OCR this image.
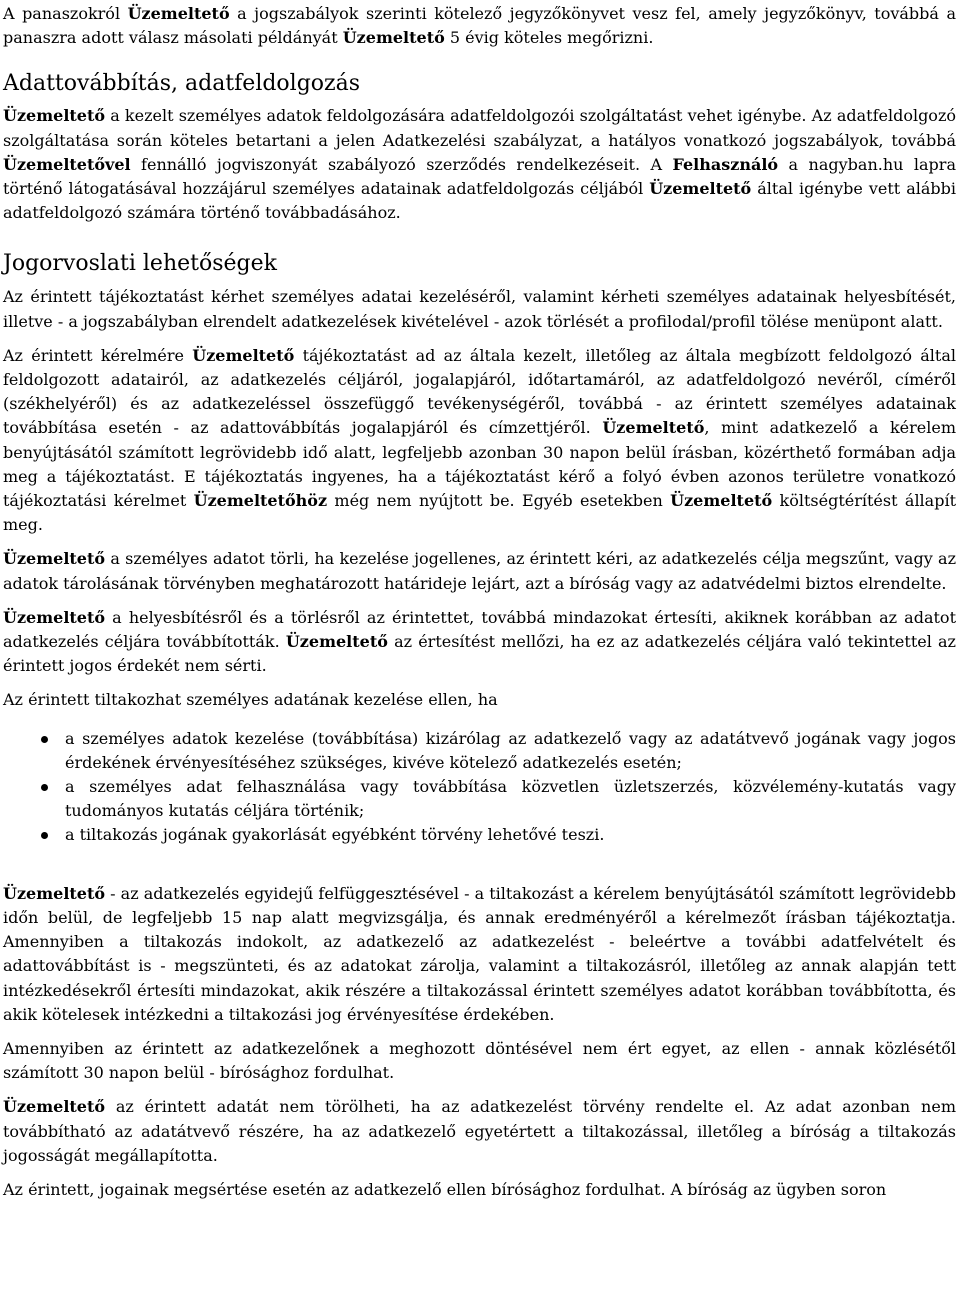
A panaszokról Üzemeltető a jogszabályok szerinti kötelező jegyzőkönyvet vesz fel, amely jegyzőkönyv, továbbá a panaszra adott válasz másolati példányát Üzemeltető 5 évig köteles megőrizni.

Adattovábbítás, adatfeldolgozás

Üzemeltető a kezelt személyes adatok feldolgozására adatfeldolgozói szolgáltatást vehet igénybe. Az adatfeldolgozó szolgáltatása során köteles betartani a jelen Adatkezelési szabályzat, a hatályos vonatkozó jogszabályok, továbbá Üzemeltetővel fennálló jogviszonyát szabályozó szerződés rendelkezéseit. A Felhasználó a nagyban.hu lapra történő látogatásával hozzájárul személyes adatainak adatfeldolgozás céljából Üzemeltető által igénybe vett alábbi adatfeldolgozó számára történő továbbadásához.

Jogorvoslati lehetőségek

Az érintett tájékoztatást kérhet személyes adatai kezeléséről, valamint kérheti személyes adatainak helyesbítését, illetve - a jogszabályban elrendelt adatkezelések kivételével - azok törlését a profilodal/profil tölése menüpont alatt.

Az érintett kérelmére Üzemeltető tájékoztatást ad az általa kezelt, illetőleg az általa megbízott feldolgozó által feldolgozott adatairól, az adatkezelés céljáról, jogalapjáról, időtartamáról, az adatfeldolgozó nevéről, címéről (székhelyéről) és az adatkezeléssel összefüggő tevékenységéről, továbbá - az érintett személyes adatainak továbbítása esetén - az adattovábbítás jogalapjáról és címzettjéről. Üzemeltető, mint adatkezelő a kérelem benyújtásától számított legrövidebb idő alatt, legfeljebb azonban 30 napon belül írásban, közérthető formában adja meg a tájékoztatást. E tájékoztatás ingyenes, ha a tájékoztatást kérő a folyó évben azonos területre vonatkozó tájékoztatási kérelmet Üzemeltetőhöz még nem nyújtott be. Egyéb esetekben Üzemeltető költségtérítést állapít meg.

Üzemeltető a személyes adatot törli, ha kezelése jogellenes, az érintett kéri, az adatkezelés célja megszűnt, vagy az adatok tárolásának törvényben meghatározott határideje lejárt, azt a bíróság vagy az adatvédelmi biztos elrendelte.

Üzemeltető a helyesbítésről és a törlésről az érintettet, továbbá mindazokat értesíti, akiknek korábban az adatot adatkezelés céljára továbbították. Üzemeltető az értesítést mellőzi, ha ez az adatkezelés céljára való tekintettel az érintett jogos érdekét nem sérti.

Az érintett tiltakozhat személyes adatának kezelése ellen, ha

a személyes adatok kezelése (továbbítása) kizárólag az adatkezelő vagy az adatátvevő jogának vagy jogos érdekének érvényesítéséhez szükséges, kivéve kötelező adatkezelés esetén;
a személyes adat felhasználása vagy továbbítása közvetlen üzletszerzés, közvélemény-kutatás vagy tudományos kutatás céljára történik;
a tiltakozás jogának gyakorlását egyébként törvény lehetővé teszi.

Üzemeltető - az adatkezelés egyidejű felfüggesztésével - a tiltakozást a kérelem benyújtásától számított legrövidebb időn belül, de legfeljebb 15 nap alatt megvizsgálja, és annak eredményéről a kérelmezőt írásban tájékoztatja. Amennyiben a tiltakozás indokolt, az adatkezelő az adatkezelést - beleértve a további adatfelvételt és adattovábbítást is - megszünteti, és az adatokat zárolja, valamint a tiltakozásról, illetőleg az annak alapján tett intézkedésekről értesíti mindazokat, akik részére a tiltakozással érintett személyes adatot korábban továbbította, és akik kötelesek intézkedni a tiltakozási jog érvényesítése érdekében.

Amennyiben az érintett az adatkezelőnek a meghozott döntésével nem ért egyet, az ellen - annak közlésétől számított 30 napon belül - bírósághoz fordulhat.

Üzemeltető az érintett adatát nem törölheti, ha az adatkezelést törvény rendelte el. Az adat azonban nem továbbítható az adatátvevő részére, ha az adatkezelő egyetértett a tiltakozással, illetőleg a bíróság a tiltakozás jogosságát megállapította.

Az érintett, jogainak megsértése esetén az adatkezelő ellen bírósághoz fordulhat. A bíróság az ügyben soron
